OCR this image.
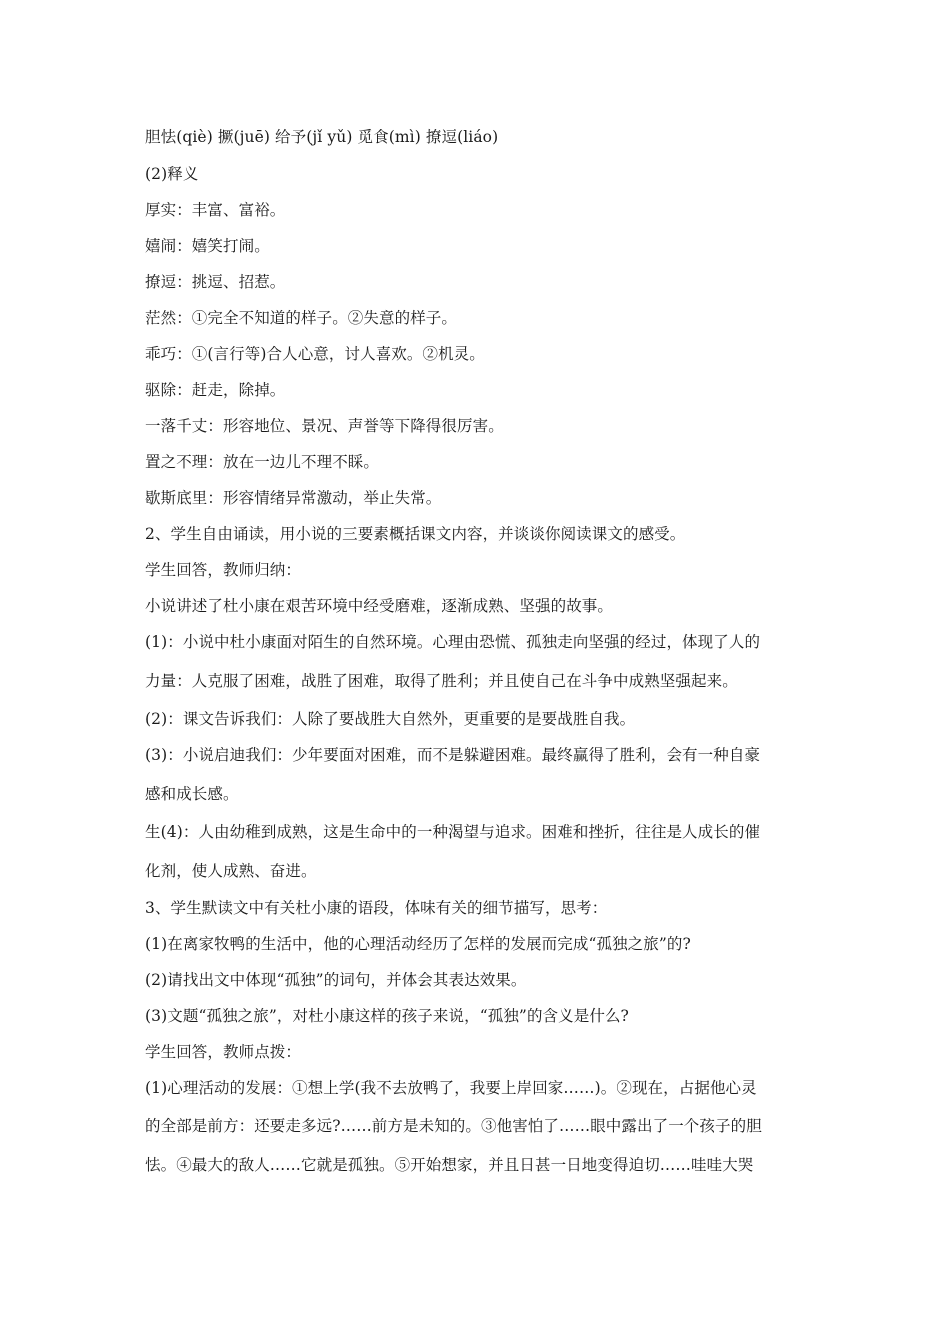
胆怯(qiè) 撅(juē) 给予(jǐ yǔ) 觅食(mì) 撩逗(liáo)
(2)释义
厚实：丰富、富裕。
嬉闹：嬉笑打闹。
撩逗：挑逗、招惹。
茫然：①完全不知道的样子。②失意的样子。
乖巧：①(言行等)合人心意，讨人喜欢。②机灵。
驱除：赶走，除掉。
一落千丈：形容地位、景况、声誉等下降得很厉害。
置之不理：放在一边儿不理不睬。
歇斯底里：形容情绪异常激动，举止失常。
2、学生自由诵读，用小说的三要素概括课文内容，并谈谈你阅读课文的感受。
学生回答，教师归纳：
小说讲述了杜小康在艰苦环境中经受磨难，逐渐成熟、坚强的故事。
(1)：小说中杜小康面对陌生的自然环境。心理由恐慌、孤独走向坚强的经过，体现了人的
力量：人克服了困难，战胜了困难，取得了胜利；并且使自己在斗争中成熟坚强起来。
(2)：课文告诉我们：人除了要战胜大自然外，更重要的是要战胜自我。
(3)：小说启迪我们：少年要面对困难，而不是躲避困难。最终赢得了胜利，会有一种自豪
感和成长感。
生(4)：人由幼稚到成熟，这是生命中的一种渴望与追求。困难和挫折，往往是人成长的催
化剂，使人成熟、奋进。
3、学生默读文中有关杜小康的语段，体味有关的细节描写，思考：
(1)在离家牧鸭的生活中，他的心理活动经历了怎样的发展而完成“孤独之旅”的?
(2)请找出文中体现“孤独”的词句，并体会其表达效果。
(3)文题“孤独之旅”，对杜小康这样的孩子来说，“孤独”的含义是什么?
学生回答，教师点拨：
(1)心理活动的发展：①想上学(我不去放鸭了，我要上岸回家……)。②现在，占据他心灵
的全部是前方：还要走多远?……前方是未知的。③他害怕了……眼中露出了一个孩子的胆
怯。④最大的敌人……它就是孤独。⑤开始想家，并且日甚一日地变得迫切……哇哇大哭
